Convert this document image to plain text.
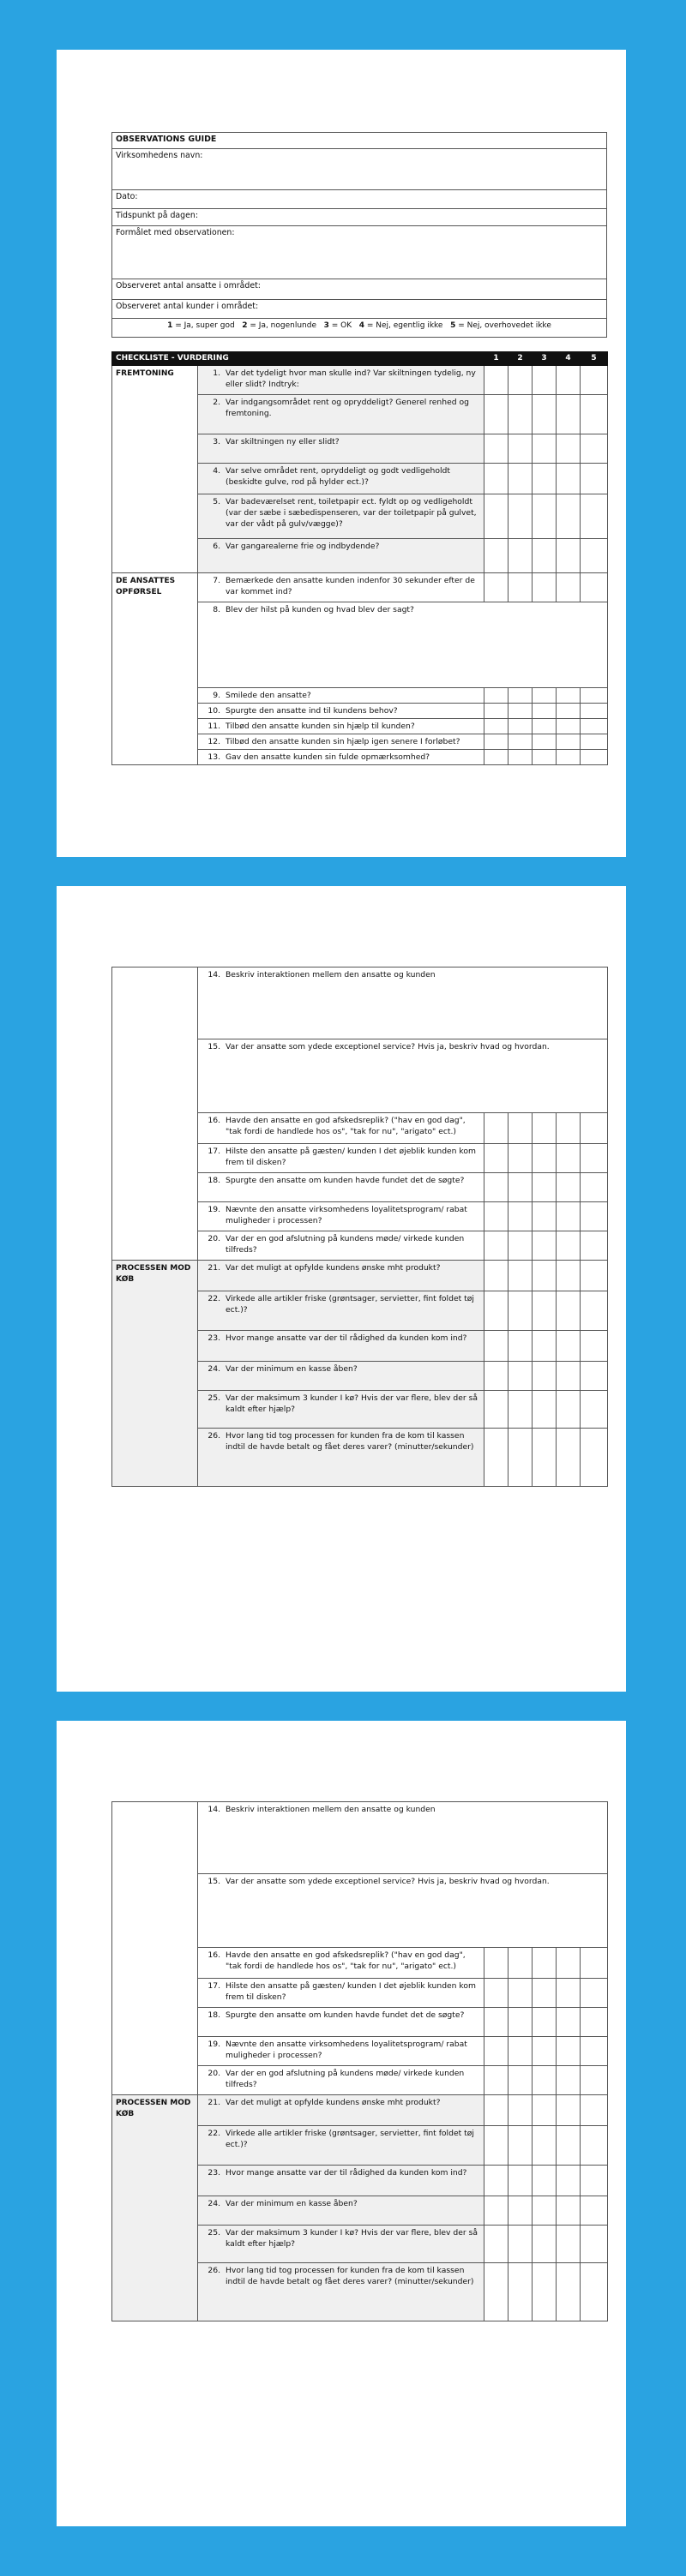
OBSERVATIONS GUIDE
Virksomhedens navn:
Dato:
Tidspunkt på dagen:
Formålet med observationen:
Observeret antal ansatte i området:
Observeret antal kunder i området:
1 = Ja, super god 2 = Ja, nogenlunde 3 = OK 4 = Nej, egentlig ikke 5 = Nej, overhovedet ikke
CHECKLISTE - VURDERING		1	2	3	4	5
FREMTONING	1. Var det tydeligt hvor man skulle ind? Var skiltningen tydelig, ny eller slidt? Indtryk:					

	2. Var indgangsområdet rent og opryddeligt? Generel renhed og fremtoning.					

	3. Var skiltningen ny eller slidt?					

	4. Var selve området rent, opryddeligt og godt vedligeholdt (beskidte gulve, rod på hylder ect.)?					

	5. Var badeværelset rent, toiletpapir ect. fyldt op og vedligeholdt (var der sæbe i sæbedispenseren, var der toiletpapir på gulvet, var der vådt på gulv/vægge)?					

	6. Var gangarealerne frie og indbydende?					

DE ANSATTES OPFØRSEL	7. Bemærkede den ansatte kunden indenfor 30 sekunder efter de var kommet ind?					

	8. Blev der hilst på kunden og hvad blev der sagt?					

	9. Smilede den ansatte?					

	10. Spurgte den ansatte ind til kundens behov?					

	11. Tilbød den ansatte kunden sin hjælp til kunden?					

	12. Tilbød den ansatte kunden sin hjælp igen senere I forløbet?					

	13. Gav den ansatte kunden sin fulde opmærksomhed?					

	14. Beskriv interaktionen mellem den ansatte og kunden					

	15. Var der ansatte som ydede exceptionel service? Hvis ja, beskriv hvad og hvordan.					

	16. Havde den ansatte en god afskedsreplik? ("hav en god dag", "tak fordi de handlede hos os", "tak for nu", "arigato" ect.)					

	17. Hilste den ansatte på gæsten/ kunden I det øjeblik kunden kom frem til disken?					

	18. Spurgte den ansatte om kunden havde fundet det de søgte?					

	19. Nævnte den ansatte virksomhedens loyalitetsprogram/ rabat muligheder i processen?					

	20. Var der en god afslutning på kundens møde/ virkede kunden tilfreds?					

PROCESSEN MOD KØB	21. Var det muligt at opfylde kundens ønske mht produkt?					

	22. Virkede alle artikler friske (grøntsager, servietter, fint foldet tøj ect.)?					

	23. Hvor mange ansatte var der til rådighed da kunden kom ind?					

	24. Var der minimum en kasse åben?					

	25. Var der maksimum 3 kunder I kø? Hvis der var flere, blev der så kaldt efter hjælp?					

	26. Hvor lang tid tog processen for kunden fra de kom til kassen indtil de havde betalt og fået deres varer? (minutter/sekunder)					

	14. Beskriv interaktionen mellem den ansatte og kunden					

	15. Var der ansatte som ydede exceptionel service? Hvis ja, beskriv hvad og hvordan.					

	16. Havde den ansatte en god afskedsreplik? ("hav en god dag", "tak fordi de handlede hos os", "tak for nu", "arigato" ect.)					

	17. Hilste den ansatte på gæsten/ kunden I det øjeblik kunden kom frem til disken?					

	18. Spurgte den ansatte om kunden havde fundet det de søgte?					

	19. Nævnte den ansatte virksomhedens loyalitetsprogram/ rabat muligheder i processen?					

	20. Var der en god afslutning på kundens møde/ virkede kunden tilfreds?					

PROCESSEN MOD KØB	21. Var det muligt at opfylde kundens ønske mht produkt?					

	22. Virkede alle artikler friske (grøntsager, servietter, fint foldet tøj ect.)?					

	23. Hvor mange ansatte var der til rådighed da kunden kom ind?					

	24. Var der minimum en kasse åben?					

	25. Var der maksimum 3 kunder I kø? Hvis der var flere, blev der så kaldt efter hjælp?					

	26. Hvor lang tid tog processen for kunden fra de kom til kassen indtil de havde betalt og fået deres varer? (minutter/sekunder)					
